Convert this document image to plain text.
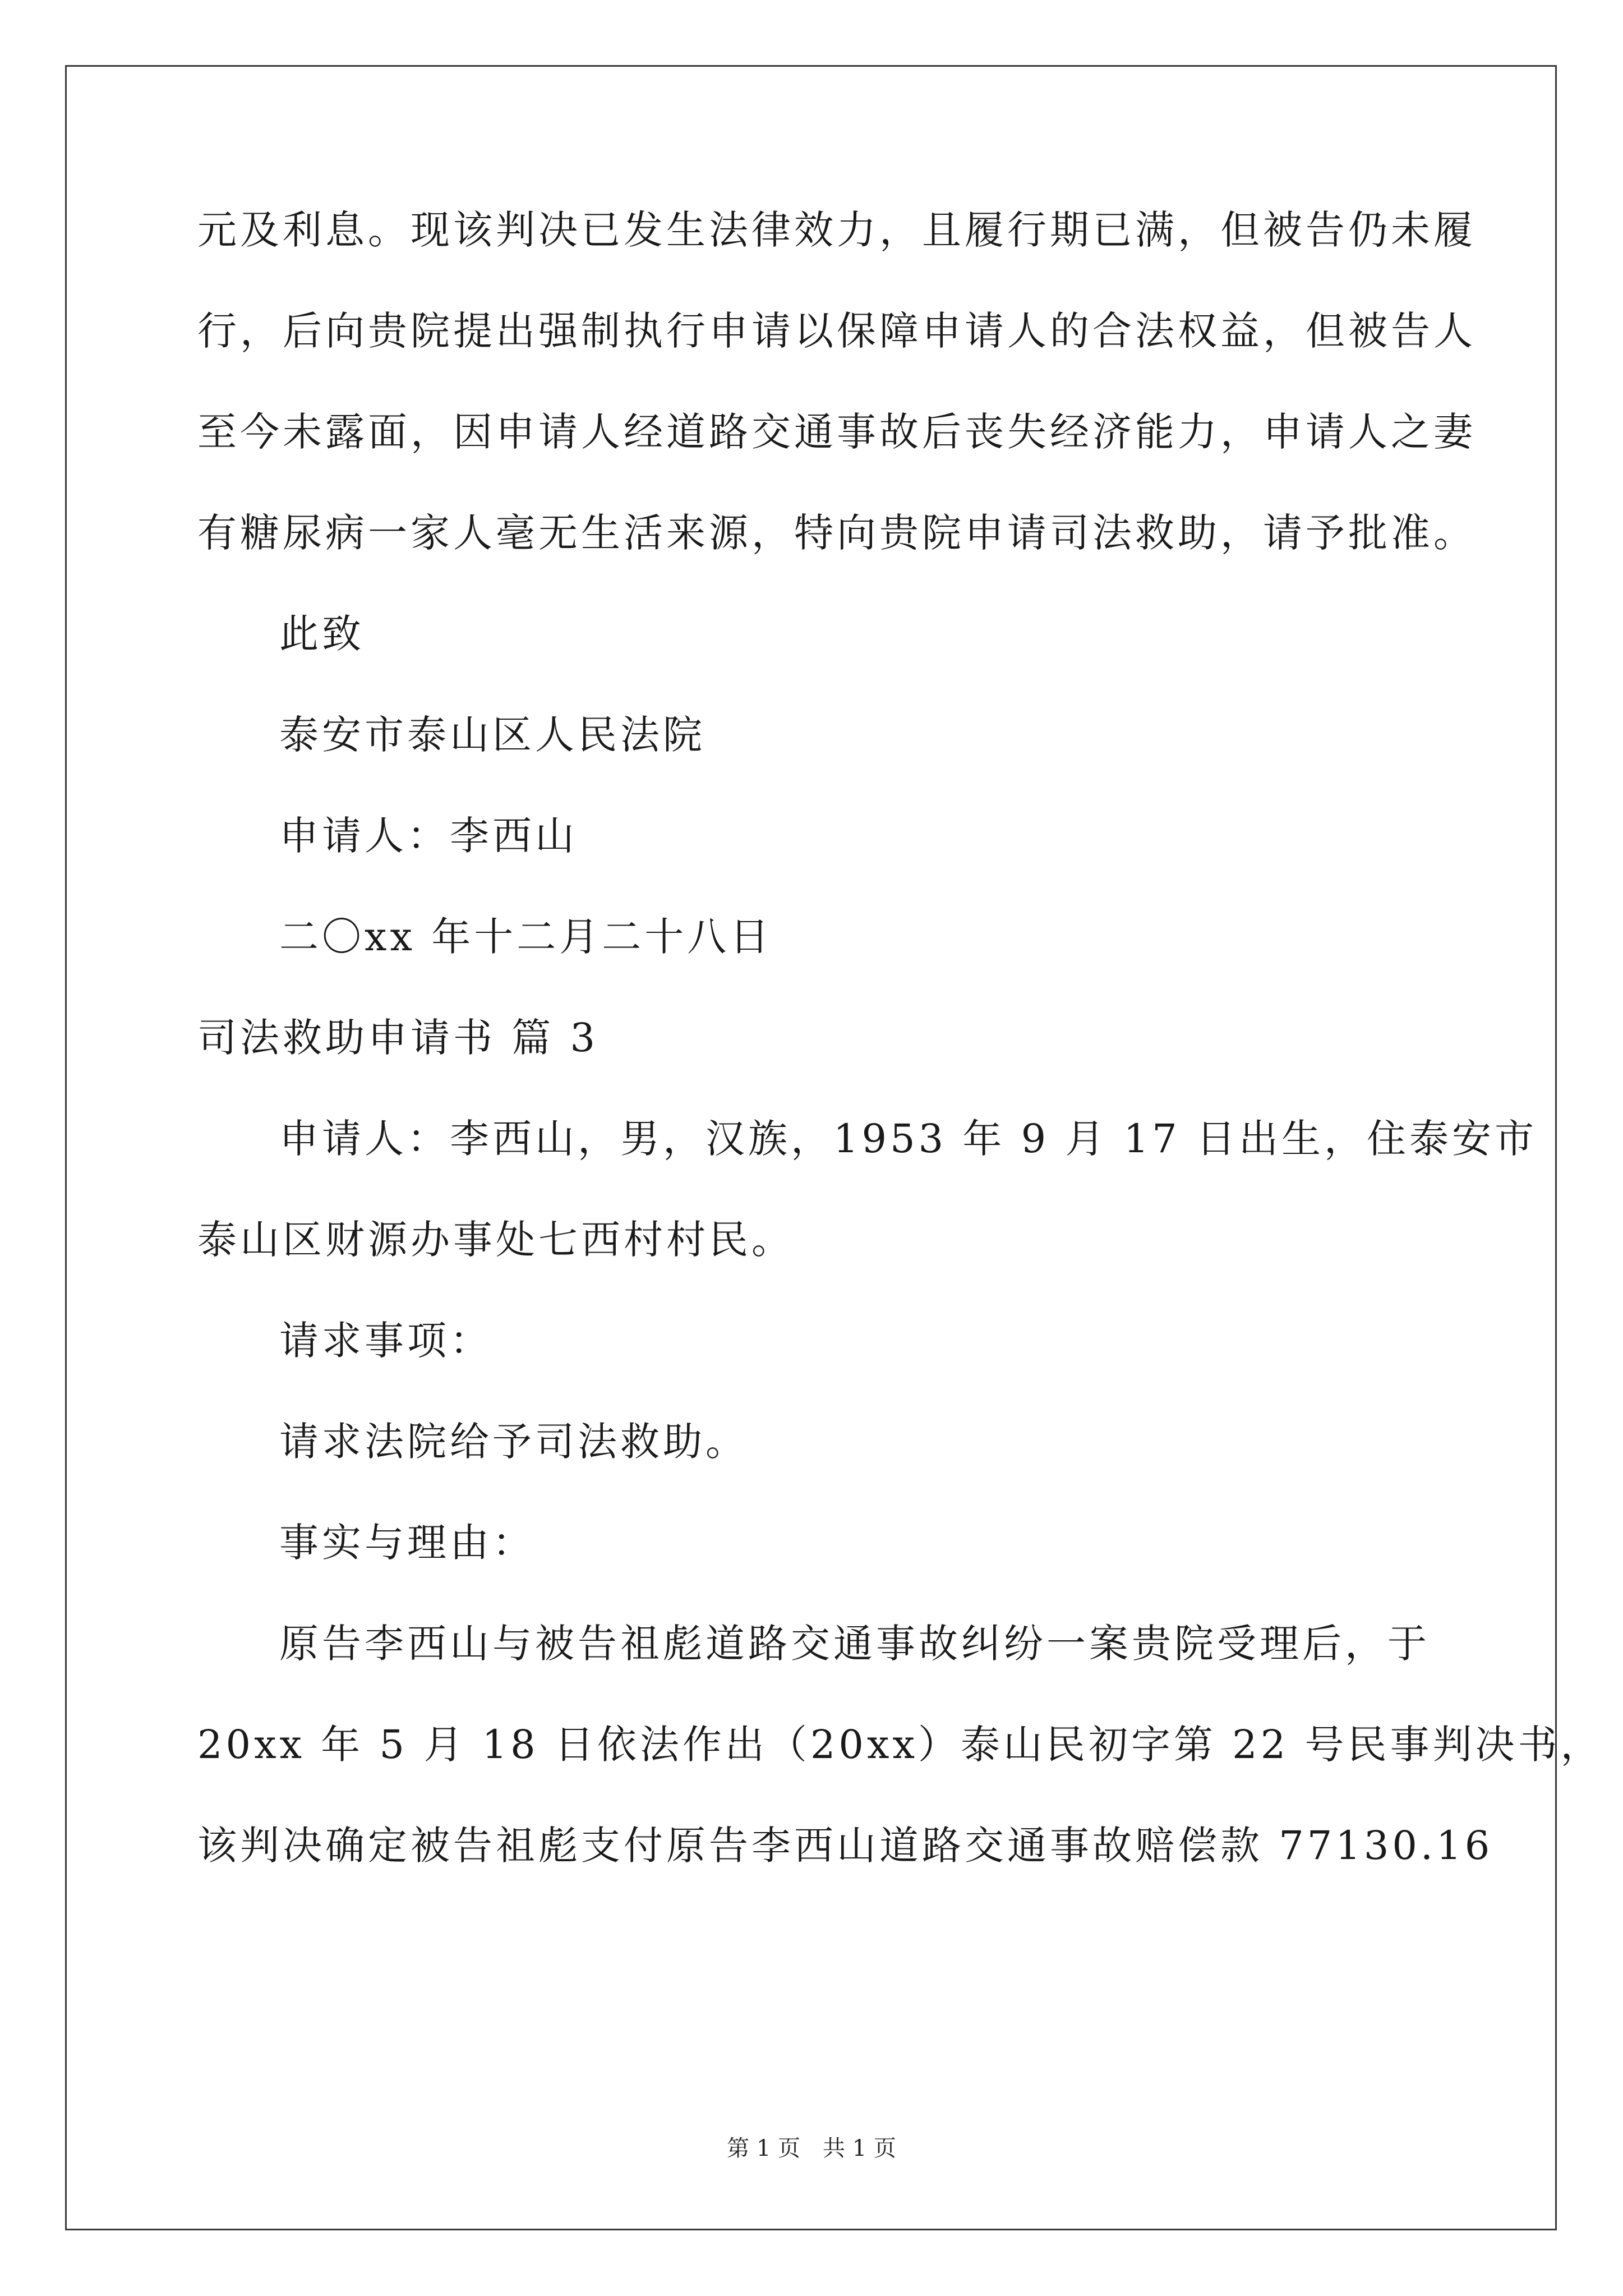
元及利息。现该判决已发生法律效力，且履行期已满，但被告仍未履
行，后向贵院提出强制执行申请以保障申请人的合法权益，但被告人
至今未露面，因申请人经道路交通事故后丧失经济能力，申请人之妻
有糖尿病一家人毫无生活来源，特向贵院申请司法救助，请予批准。
此致
泰安市泰山区人民法院
申请人：李西山
二〇xx 年十二月二十八日
司法救助申请书 篇 3
申请人：李西山，男，汉族，1953 年 9 月 17 日出生，住泰安市
泰山区财源办事处七西村村民。
请求事项：
请求法院给予司法救助。
事实与理由：
原告李西山与被告祖彪道路交通事故纠纷一案贵院受理后，于
20xx 年 5 月 18 日依法作出（20xx）泰山民初字第 22 号民事判决书，
该判决确定被告祖彪支付原告李西山道路交通事故赔偿款 77130.16
第 1 页　共 1 页
